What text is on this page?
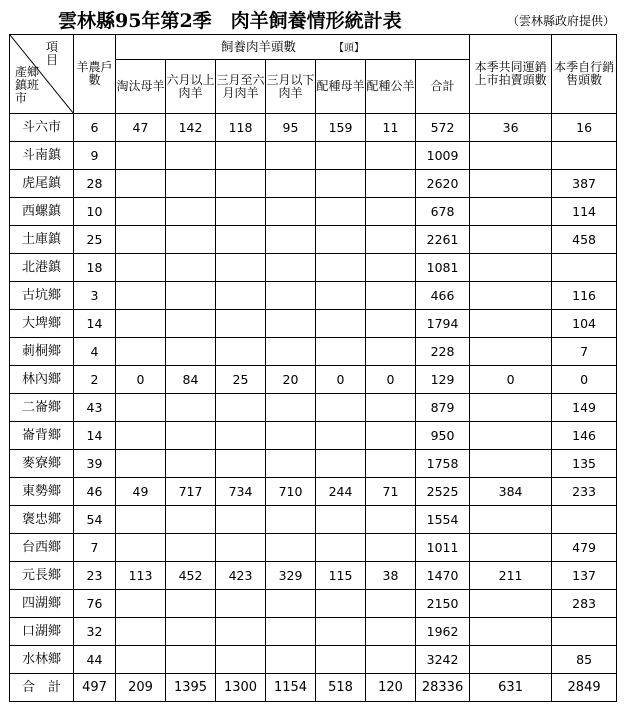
雲林縣95年第2季　肉羊飼養情形統計表	（雲林縣政府提供）
項目
產鄉鎮班市	羊農戶數	飼養肉羊頭數 【頭】							本季共同運銷上市拍賣頭數	本季自行銷售頭數
		淘汰母羊	六月以上肉羊	三月至六月肉羊	三月以下肉羊	配種母羊	配種公羊	合計		
斗六市	6	47	142	118	95	159	11	572	36	16
斗南鎮	9							1009		
虎尾鎮	28							2620		387
西螺鎮	10							678		114
土庫鎮	25							2261		458
北港鎮	18							1081		
古坑鄉	3							466		116
大埤鄉	14							1794		104
莿桐鄉	4							228		7
林內鄉	2	0	84	25	20	0	0	129	0	0
二崙鄉	43							879		149
崙背鄉	14							950		146
麥寮鄉	39							1758		135
東勢鄉	46	49	717	734	710	244	71	2525	384	233
褒忠鄉	54							1554		
台西鄉	7							1011		479
元長鄉	23	113	452	423	329	115	38	1470	211	137
四湖鄉	76							2150		283
口湖鄉	32							1962		
水林鄉	44							3242		85
合　計	497	209	1395	1300	1154	518	120	28336	631	2849
